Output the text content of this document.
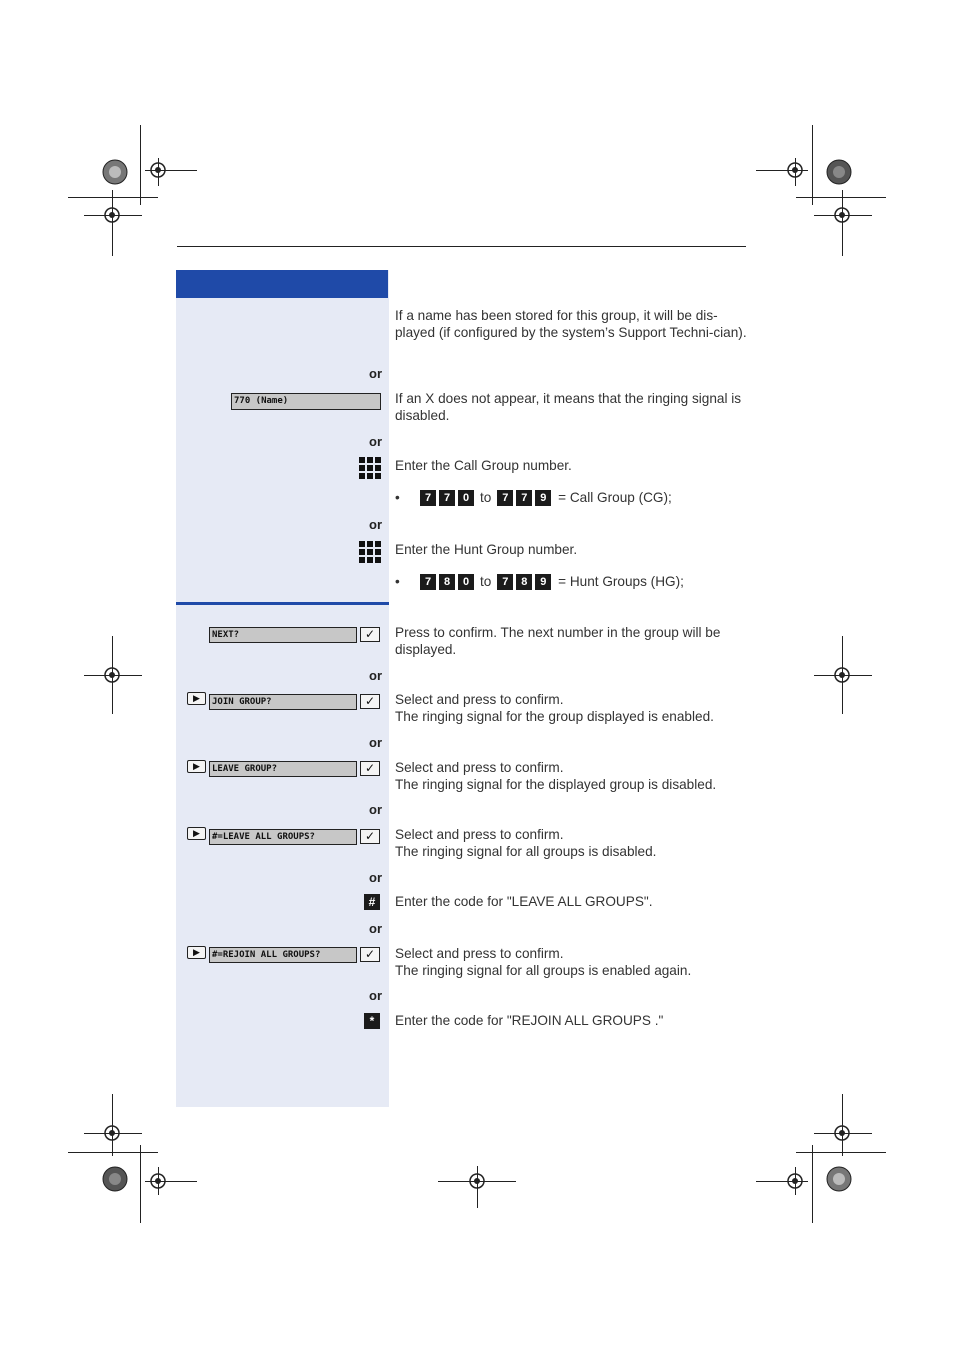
If a name has been stored for this group, it will be dis-played (if configured by the system’s Support Techni-cian).
or
770 (Name)	If an X does not appear, it means that the ringing signal is disabled.
or
Enter the Call Group number.
• 7 7 0 to 7 7 9 = Call Group (CG);
or
Enter the Hunt Group number.
• 7 8 0 to 7 8 9 = Hunt Groups (HG);
NEXT?	✓	Press to confirm. The next number in the group will be displayed.
or
▶	JOIN GROUP?	✓	Select and press to confirm.
The ringing signal for the group displayed is enabled.
or
▶	LEAVE GROUP?	✓	Select and press to confirm.
The ringing signal for the displayed group is disabled.
or
▶	#=LEAVE ALL GROUPS?	✓	Select and press to confirm.
The ringing signal for all groups is disabled.
or
#	Enter the code for "LEAVE ALL GROUPS".
or
▶	#=REJOIN ALL GROUPS?	✓	Select and press to confirm.
The ringing signal for all groups is enabled again.
or
*	Enter the code for "REJOIN ALL GROUPS ."
